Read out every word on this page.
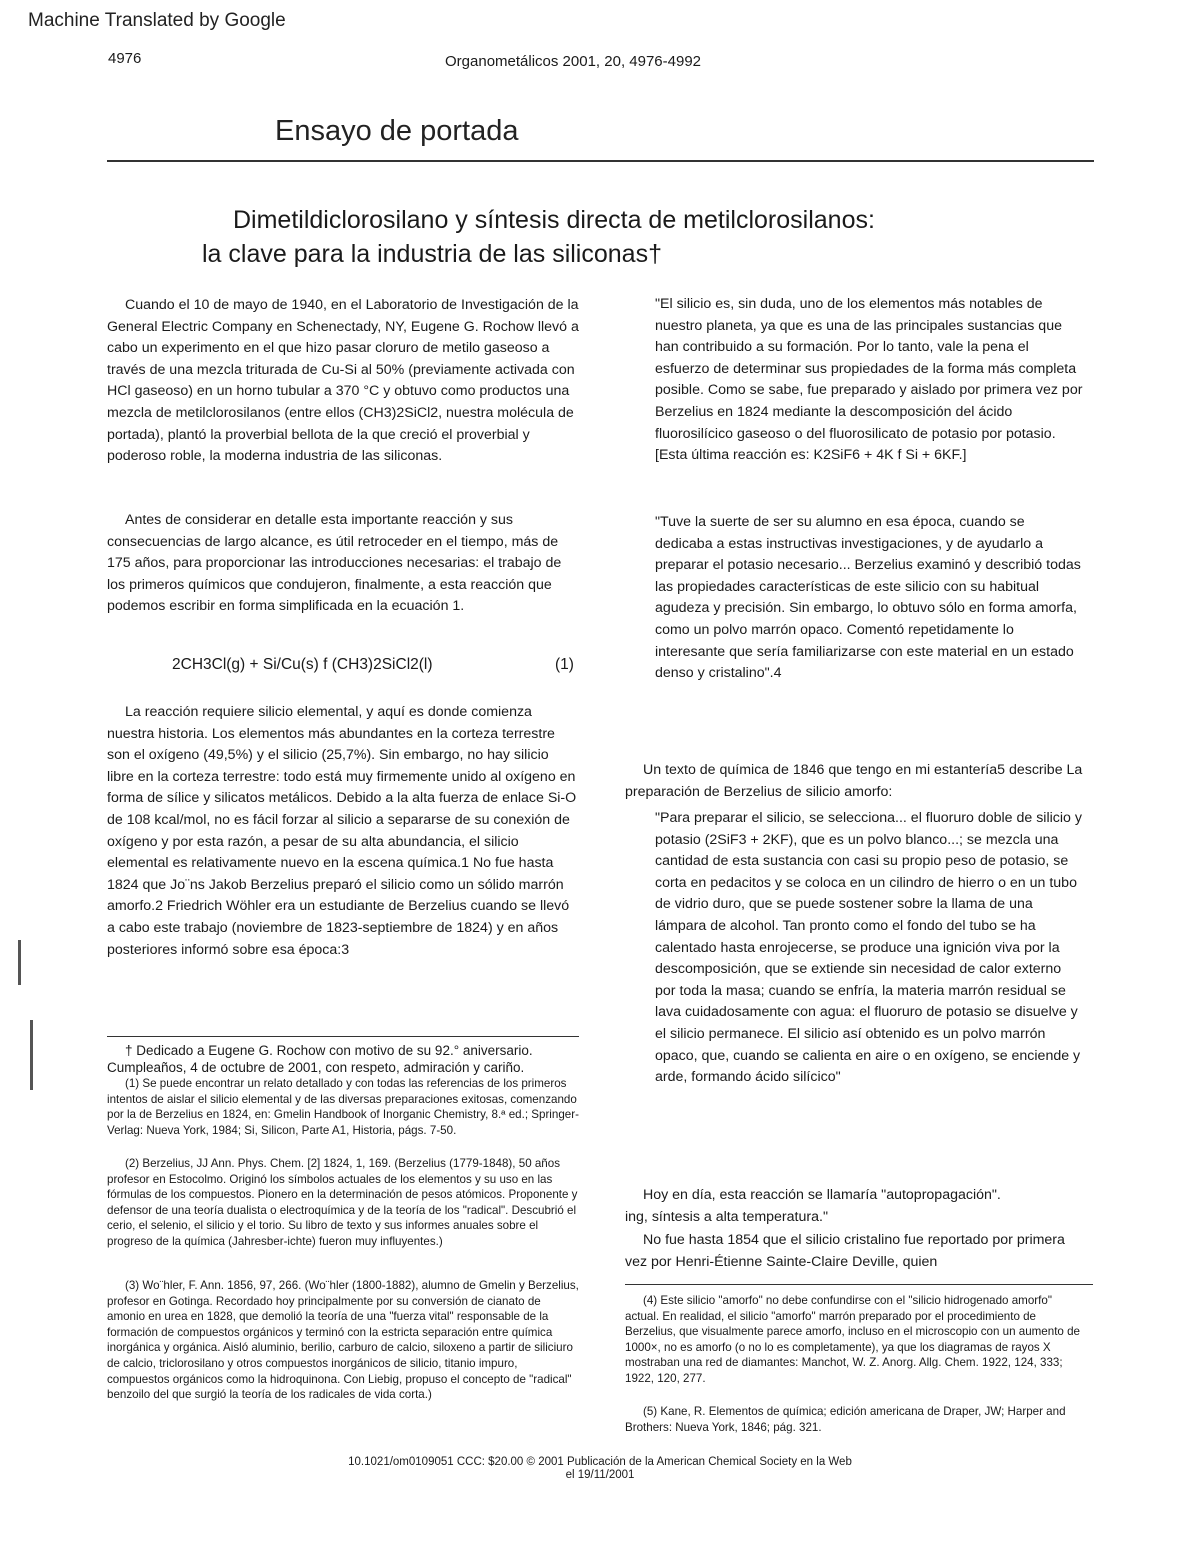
Machine Translated by Google
4976	Organometálicos 2001, 20, 4976-4992
Ensayo de portada
Dimetildiclorosilano y síntesis directa de metilclorosilanos:
la clave para la industria de las siliconas†

Cuando el 10 de mayo de 1940, en el Laboratorio de Investigación de la General Electric Company en Schenectady, NY, Eugene G. Rochow llevó a cabo un experimento en el que hizo pasar cloruro de metilo gaseoso a través de una mezcla triturada de Cu-Si al 50% (previamente activada con HCl gaseoso) en un horno tubular a 370 °C y obtuvo como productos una mezcla de metilclorosilanos (entre ellos (CH3)2SiCl2, nuestra molécula de portada), plantó la proverbial bellota de la que creció el proverbial y poderoso roble, la moderna industria de las siliconas.

Antes de considerar en detalle esta importante reacción y sus consecuencias de largo alcance, es útil retroceder en el tiempo, más de 175 años, para proporcionar las introducciones necesarias: el trabajo de los primeros químicos que condujeron, finalmente, a esta reacción que podemos escribir en forma simplificada en la ecuación 1.

2CH3Cl(g) + Si/Cu(s) f (CH3)2SiCl2(l)	(1)

La reacción requiere silicio elemental, y aquí es donde comienza nuestra historia. Los elementos más abundantes en la corteza terrestre son el oxígeno (49,5%) y el silicio (25,7%). Sin embargo, no hay silicio libre en la corteza terrestre: todo está muy firmemente unido al oxígeno en forma de sílice y silicatos metálicos. Debido a la alta fuerza de enlace Si-O de 108 kcal/mol, no es fácil forzar al silicio a separarse de su conexión de oxígeno y por esta razón, a pesar de su alta abundancia, el silicio elemental es relativamente nuevo en la escena química.1 No fue hasta 1824 que Jo¨ns Jakob Berzelius preparó el silicio como un sólido marrón amorfo.2 Friedrich Wöhler era un estudiante de Berzelius cuando se llevó a cabo este trabajo (noviembre de 1823-septiembre de 1824) y en años posteriores informó sobre esa época:3

† Dedicado a Eugene G. Rochow con motivo de su 92.° aniversario. Cumpleaños, 4 de octubre de 2001, con respeto, admiración y cariño.

(1) Se puede encontrar un relato detallado y con todas las referencias de los primeros intentos de aislar el silicio elemental y de las diversas preparaciones exitosas, comenzando por la de Berzelius en 1824, en: Gmelin Handbook of Inorganic Chemistry, 8.ª ed.; Springer-Verlag: Nueva York, 1984; Si, Silicon, Parte A1, Historia, págs. 7-50.

(2) Berzelius, JJ Ann. Phys. Chem. [2] 1824, 1, 169. (Berzelius (1779-1848), 50 años profesor en Estocolmo. Originó los símbolos actuales de los elementos y su uso en las fórmulas de los compuestos. Pionero en la determinación de pesos atómicos. Proponente y defensor de una teoría dualista o electroquímica y de la teoría de los "radical". Descubrió el cerio, el selenio, el silicio y el torio. Su libro de texto y sus informes anuales sobre el progreso de la química (Jahresber-ichte) fueron muy influyentes.)

(3) Wo¨hler, F. Ann. 1856, 97, 266. (Wo¨hler (1800-1882), alumno de Gmelin y Berzelius, profesor en Gotinga. Recordado hoy principalmente por su conversión de cianato de amonio en urea en 1828, que demolió la teoría de una "fuerza vital" responsable de la formación de compuestos orgánicos y terminó con la estricta separación entre química inorgánica y orgánica. Aisló aluminio, berilio, carburo de calcio, siloxeno a partir de siliciuro de calcio, triclorosilano y otros compuestos inorgánicos de silicio, titanio impuro, compuestos orgánicos como la hidroquinona. Con Liebig, propuso el concepto de "radical" benzoilo del que surgió la teoría de los radicales de vida corta.)

"El silicio es, sin duda, uno de los elementos más notables de nuestro planeta, ya que es una de las principales sustancias que han contribuido a su formación. Por lo tanto, vale la pena el esfuerzo de determinar sus propiedades de la forma más completa posible. Como se sabe, fue preparado y aislado por primera vez por Berzelius en 1824 mediante la descomposición del ácido fluorosilícico gaseoso o del fluorosilicato de potasio por potasio. [Esta última reacción es: K2SiF6 + 4K f Si + 6KF.]

"Tuve la suerte de ser su alumno en esa época, cuando se dedicaba a estas instructivas investigaciones, y de ayudarlo a preparar el potasio necesario... Berzelius examinó y describió todas las propiedades características de este silicio con su habitual agudeza y precisión. Sin embargo, lo obtuvo sólo en forma amorfa, como un polvo marrón opaco. Comentó repetidamente lo interesante que sería familiarizarse con este material en un estado denso y cristalino".4

Un texto de química de 1846 que tengo en mi estantería5 describe La preparación de Berzelius de silicio amorfo:

"Para preparar el silicio, se selecciona... el fluoruro doble de silicio y potasio (2SiF3 + 2KF), que es un polvo blanco...; se mezcla una cantidad de esta sustancia con casi su propio peso de potasio, se corta en pedacitos y se coloca en un cilindro de hierro o en un tubo de vidrio duro, que se puede sostener sobre la llama de una lámpara de alcohol. Tan pronto como el fondo del tubo se ha calentado hasta enrojecerse, se produce una ignición viva por la descomposición, que se extiende sin necesidad de calor externo por toda la masa; cuando se enfría, la materia marrón residual se lava cuidadosamente con agua: el fluoruro de potasio se disuelve y el silicio permanece. El silicio así obtenido es un polvo marrón opaco, que, cuando se calienta en aire o en oxígeno, se enciende y arde, formando ácido silícico"

Hoy en día, esta reacción se llamaría "autopropagación".

ing, síntesis a alta temperatura."

No fue hasta 1854 que el silicio cristalino fue reportado por primera vez por Henri-Étienne Sainte-Claire Deville, quien

(4) Este silicio "amorfo" no debe confundirse con el "silicio hidrogenado amorfo" actual. En realidad, el silicio "amorfo" marrón preparado por el procedimiento de Berzelius, que visualmente parece amorfo, incluso en el microscopio con un aumento de 1000×, no es amorfo (o no lo es completamente), ya que los diagramas de rayos X mostraban una red de diamantes: Manchot, W. Z. Anorg. Allg. Chem. 1922, 124, 333; 1922, 120, 277.

(5) Kane, R. Elementos de química; edición americana de Draper, JW; Harper and Brothers: Nueva York, 1846; pág. 321.

10.1021/om0109051 CCC: $20.00 © 2001 Publicación de la American Chemical Society en la Web
el 19/11/2001
